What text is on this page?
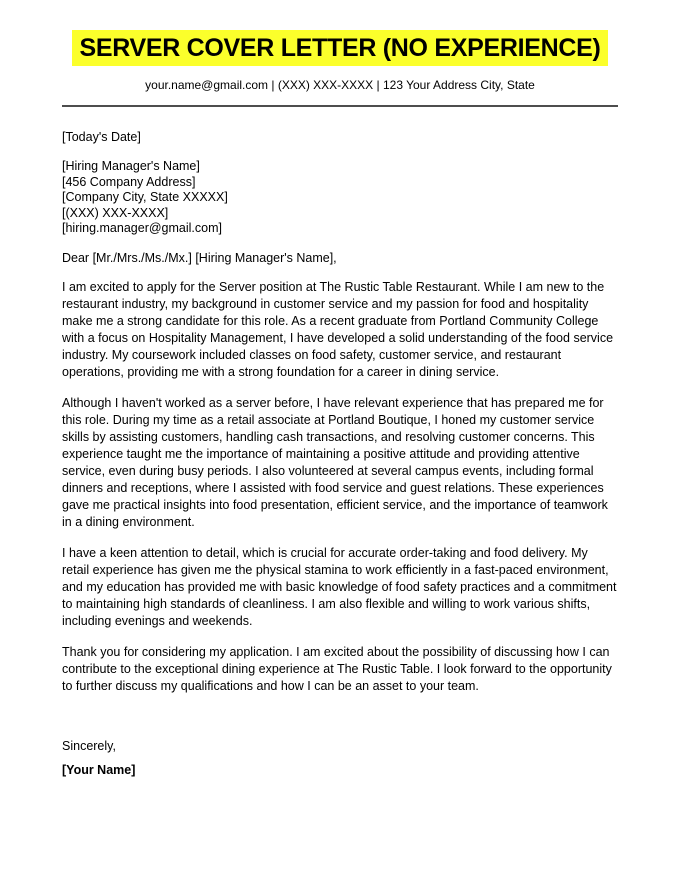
SERVER COVER LETTER (NO EXPERIENCE)
your.name@gmail.com | (XXX) XXX-XXXX | 123 Your Address City, State
[Today's Date]
[Hiring Manager's Name]
[456 Company Address]
[Company City, State XXXXX]
[(XXX) XXX-XXXX]
[hiring.manager@gmail.com]
Dear [Mr./Mrs./Ms./Mx.] [Hiring Manager's Name],

I am excited to apply for the Server position at The Rustic Table Restaurant. While I am new to the restaurant industry, my background in customer service and my passion for food and hospitality make me a strong candidate for this role. As a recent graduate from Portland Community College with a focus on Hospitality Management, I have developed a solid understanding of the food service industry. My coursework included classes on food safety, customer service, and restaurant operations, providing me with a strong foundation for a career in dining service.

Although I haven't worked as a server before, I have relevant experience that has prepared me for this role. During my time as a retail associate at Portland Boutique, I honed my customer service skills by assisting customers, handling cash transactions, and resolving customer concerns. This experience taught me the importance of maintaining a positive attitude and providing attentive service, even during busy periods. I also volunteered at several campus events, including formal dinners and receptions, where I assisted with food service and guest relations. These experiences gave me practical insights into food presentation, efficient service, and the importance of teamwork in a dining environment.

I have a keen attention to detail, which is crucial for accurate order-taking and food delivery. My retail experience has given me the physical stamina to work efficiently in a fast-paced environment, and my education has provided me with basic knowledge of food safety practices and a commitment to maintaining high standards of cleanliness. I am also flexible and willing to work various shifts, including evenings and weekends.

Thank you for considering my application. I am excited about the possibility of discussing how I can contribute to the exceptional dining experience at The Rustic Table. I look forward to the opportunity to further discuss my qualifications and how I can be an asset to your team.

Sincerely,
[Your Name]
